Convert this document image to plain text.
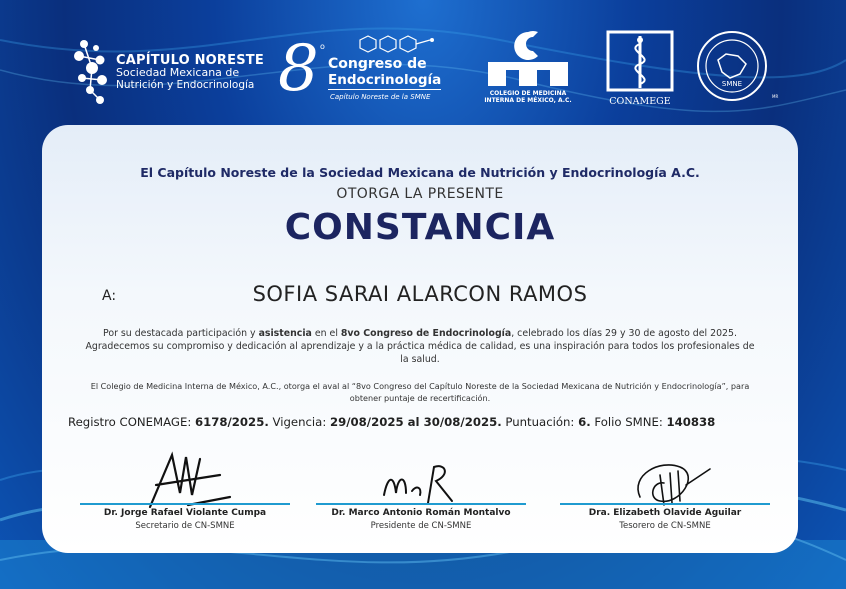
CAPÍTULO NORESTE
Sociedad Mexicana de
Nutrición y Endocrinología 8 o
Congreso de
Endocrinología
Capítulo Noreste de la SMNE	COLEGIO DE MEDICINA
INTERNA DE MÉXICO, A.C.	CONAMEGE
SMNE
MR
El Capítulo Noreste de la Sociedad Mexicana de Nutrición y Endocrinología A.C.
OTORGA LA PRESENTE
CONSTANCIA
A:	SOFIA SARAI ALARCON RAMOS
Por su destacada participación y asistencia en el 8vo Congreso de Endocrinología, celebrado los días 29 y 30 de agosto del 2025.
Agradecemos su compromiso y dedicación al aprendizaje y a la práctica médica de calidad, es una inspiración para todos los profesionales de la salud.
El Colegio de Medicina Interna de México, A.C., otorga el aval al “8vo Congreso del Capítulo Noreste de la Sociedad Mexicana de Nutrición y Endocrinología”, para obtener puntaje de recertificación.
Registro CONEMAGE: 6178/2025. Vigencia: 29/08/2025 al 30/08/2025. Puntuación: 6. Folio SMNE: 140838
Dr. Jorge Rafael Violante Cumpa
Secretario de CN-SMNE
Dr. Marco Antonio Román Montalvo
Presidente de CN-SMNE
Dra. Elizabeth Olavide Aguilar
Tesorero de CN-SMNE
